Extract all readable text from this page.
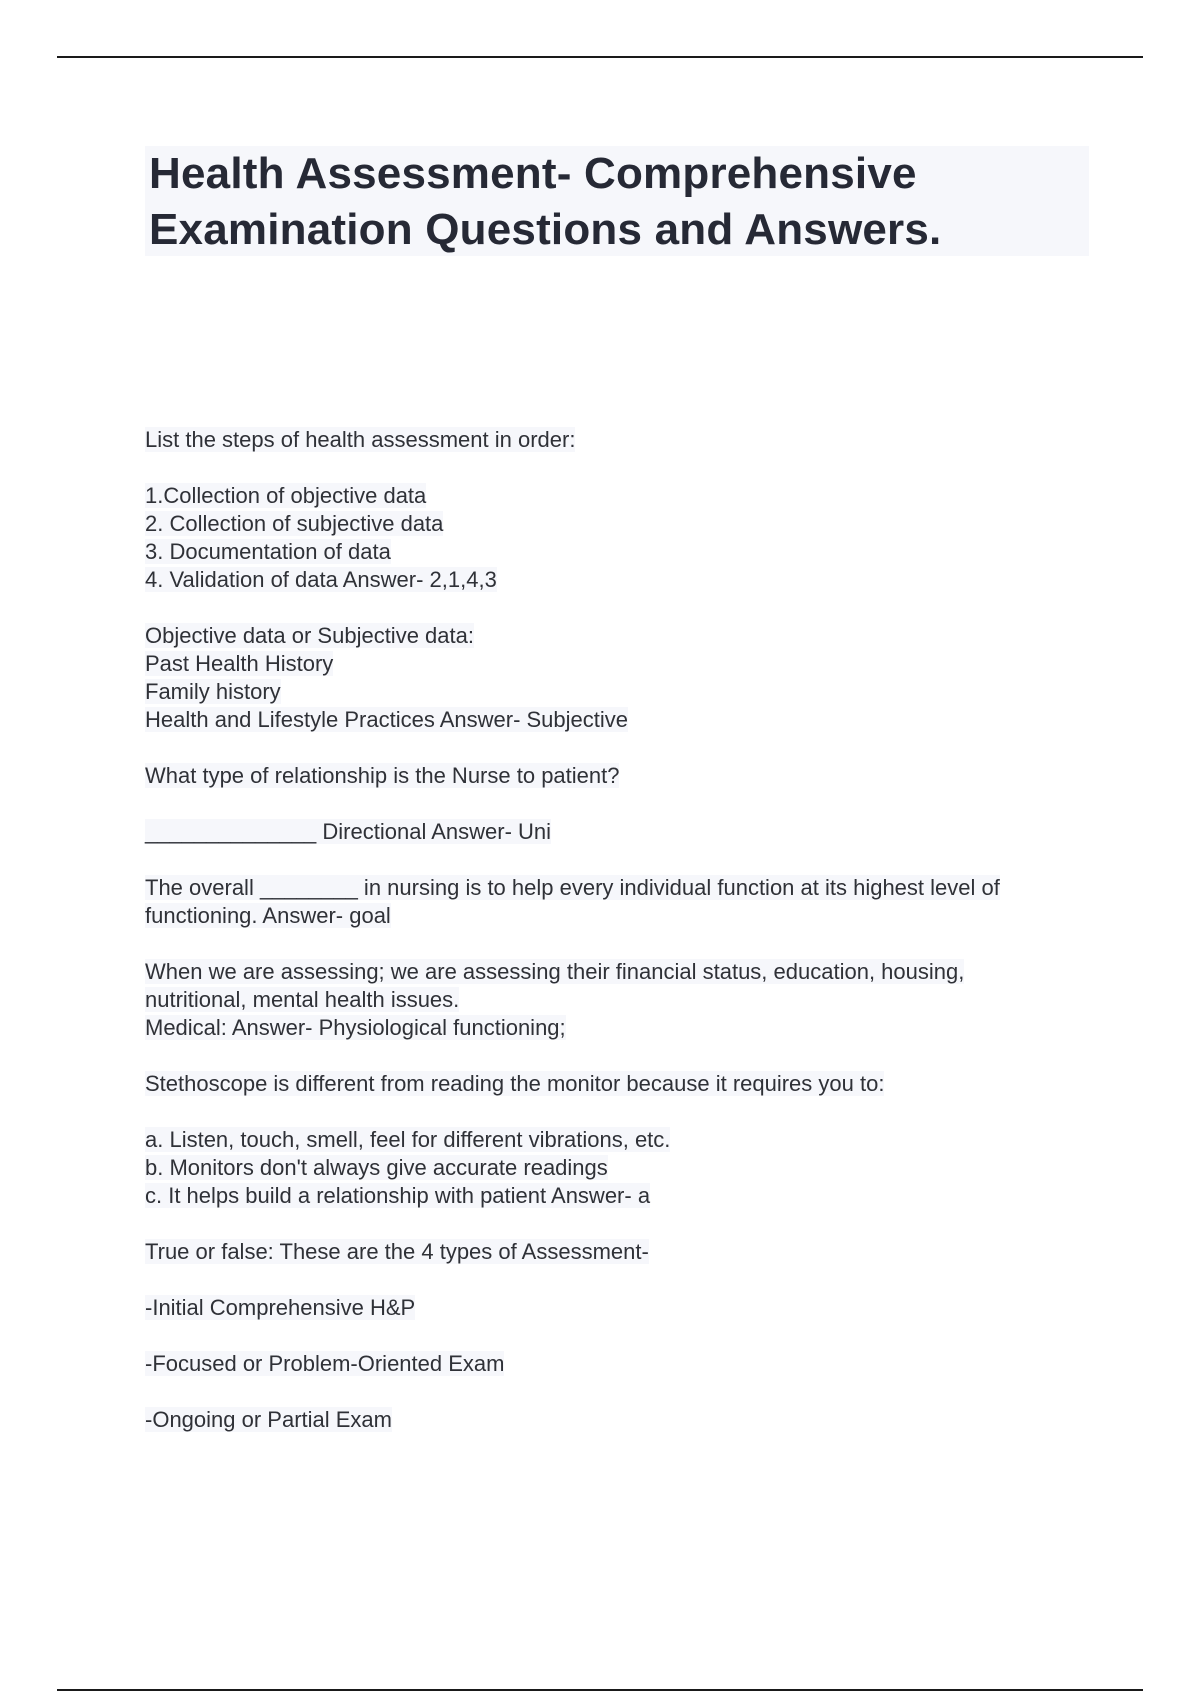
Health Assessment- Comprehensive
Examination Questions and Answers.
List the steps of health assessment in order:
1.Collection of objective data
2. Collection of subjective data
3. Documentation of data
4. Validation of data Answer- 2,1,4,3
Objective data or Subjective data:
Past Health History
Family history
Health and Lifestyle Practices Answer- Subjective
What type of relationship is the Nurse to patient?
______________ Directional Answer- Uni
The overall ________ in nursing is to help every individual function at its highest level of
functioning. Answer- goal
When we are assessing; we are assessing their financial status, education, housing,
nutritional, mental health issues.
Medical: Answer- Physiological functioning;
Stethoscope is different from reading the monitor because it requires you to:
a. Listen, touch, smell, feel for different vibrations, etc.
b. Monitors don't always give accurate readings
c. It helps build a relationship with patient Answer- a
True or false: These are the 4 types of Assessment-
-Initial Comprehensive H&P
-Focused or Problem-Oriented Exam
-Ongoing or Partial Exam
